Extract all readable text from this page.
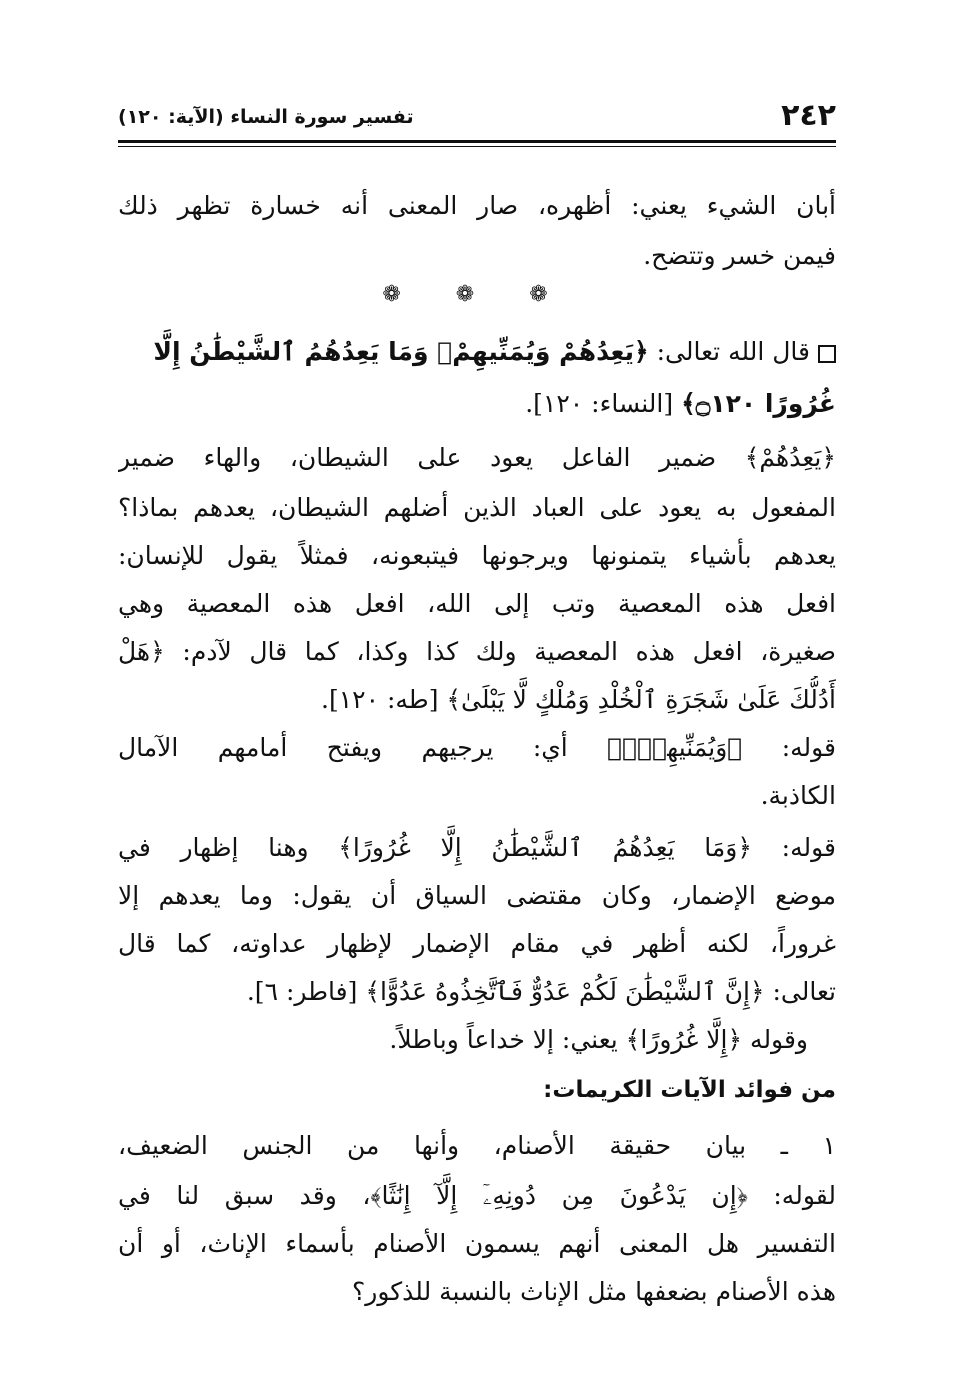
٢٤٢
تفسير سورة النساء (الآية: ١٢٠)
أبان الشيء يعني: أظهره، صار المعنى أنه خسارة تظهر ذلك
فيمن خسر وتتضح.
❁ ❁ ❁
قال الله تعالى: ﴿يَعِدُهُمْ وَيُمَنِّيهِمْۖ وَمَا يَعِدُهُمُ ٱلشَّيْطَٰنُ إِلَّا
غُرُورًا ۝١٢٠﴾ [النساء: ١٢٠].
﴿يَعِدُهُمْ﴾ ضمير الفاعل يعود على الشيطان، والهاء ضمير
المفعول به يعود على العباد الذين أضلهم الشيطان، يعدهم بماذا؟
يعدهم بأشياء يتمنونها ويرجونها فيتبعونه، فمثلاً يقول للإنسان:
افعل هذه المعصية وتب إلى الله، افعل هذه المعصية وهي
صغيرة، افعل هذه المعصية ولك كذا وكذا، كما قال لآدم: ﴿هَلْ
أَدُلُّكَ عَلَىٰ شَجَرَةِ ٱلْخُلْدِ وَمُلْكٍ لَّا يَبْلَىٰ﴾ [طه: ١٢٠].
قوله: ﴿وَيُمَنِّيهِمْۖ﴾ أي: يرجيهم ويفتح أمامهم الآمال
الكاذبة.
قوله: ﴿وَمَا يَعِدُهُمُ ٱلشَّيْطَٰنُ إِلَّا غُرُورًا﴾ وهنا إظهار في
موضع الإضمار، وكان مقتضى السياق أن يقول: وما يعدهم إلا
غروراً، لكنه أظهر في مقام الإضمار لإظهار عداوته، كما قال
تعالى: ﴿إِنَّ ٱلشَّيْطَٰنَ لَكُمْ عَدُوٌّ فَٱتَّخِذُوهُ عَدُوًّا﴾ [فاطر: ٦].
وقوله ﴿إِلَّا غُرُورًا﴾ يعني: إلا خداعاً وباطلاً.
من فوائد الآيات الكريمات:
١ ـ بيان حقيقة الأصنام، وأنها من الجنس الضعيف،
لقوله: ﴿إِن يَدْعُونَ مِن دُونِهِۦٓ إِلَّآ إِنَٰثًا﴾، وقد سبق لنا في
التفسير هل المعنى أنهم يسمون الأصنام بأسماء الإناث، أو أن
هذه الأصنام بضعفها مثل الإناث بالنسبة للذكور؟
